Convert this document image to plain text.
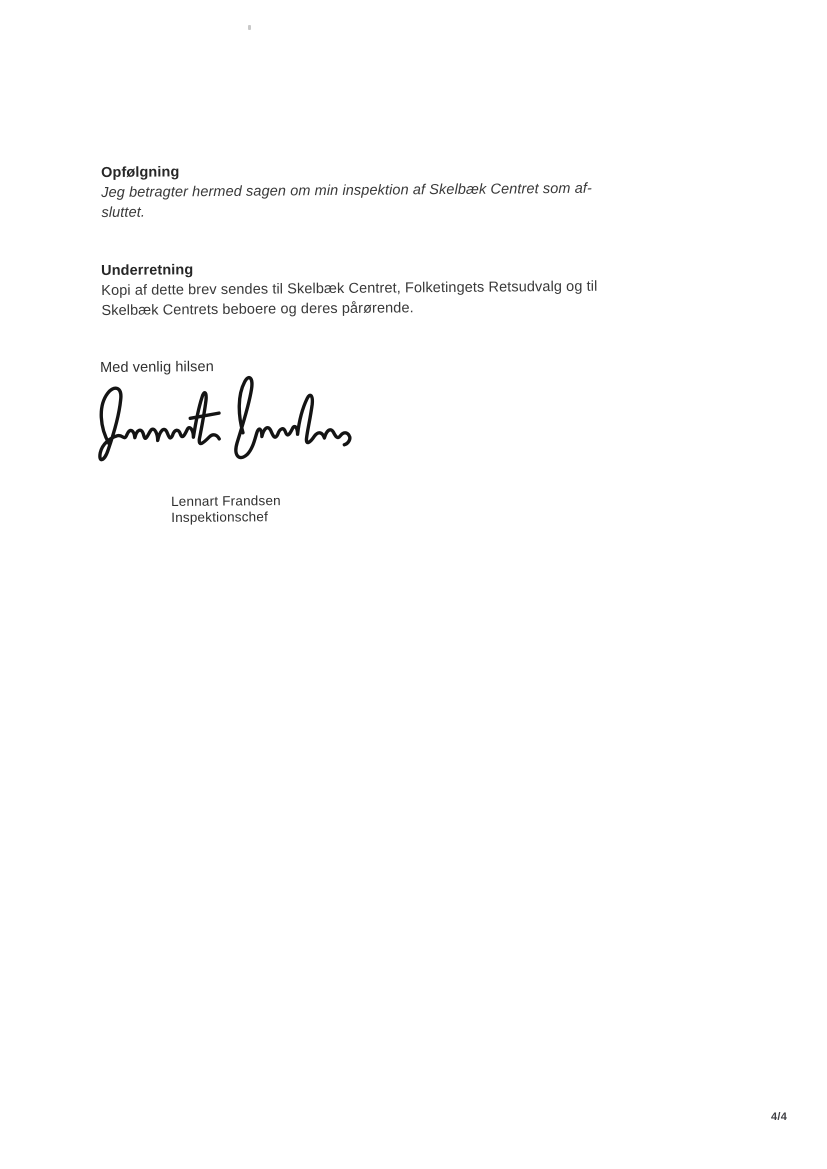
Opfølgning
Jeg betragter hermed sagen om min inspektion af Skelbæk Centret som af-
sluttet.
Underretning
Kopi af dette brev sendes til Skelbæk Centret, Folketingets Retsudvalg og til
Skelbæk Centrets beboere og deres pårørende.
Med venlig hilsen
Lennart Frandsen
Inspektionschef
4/4
